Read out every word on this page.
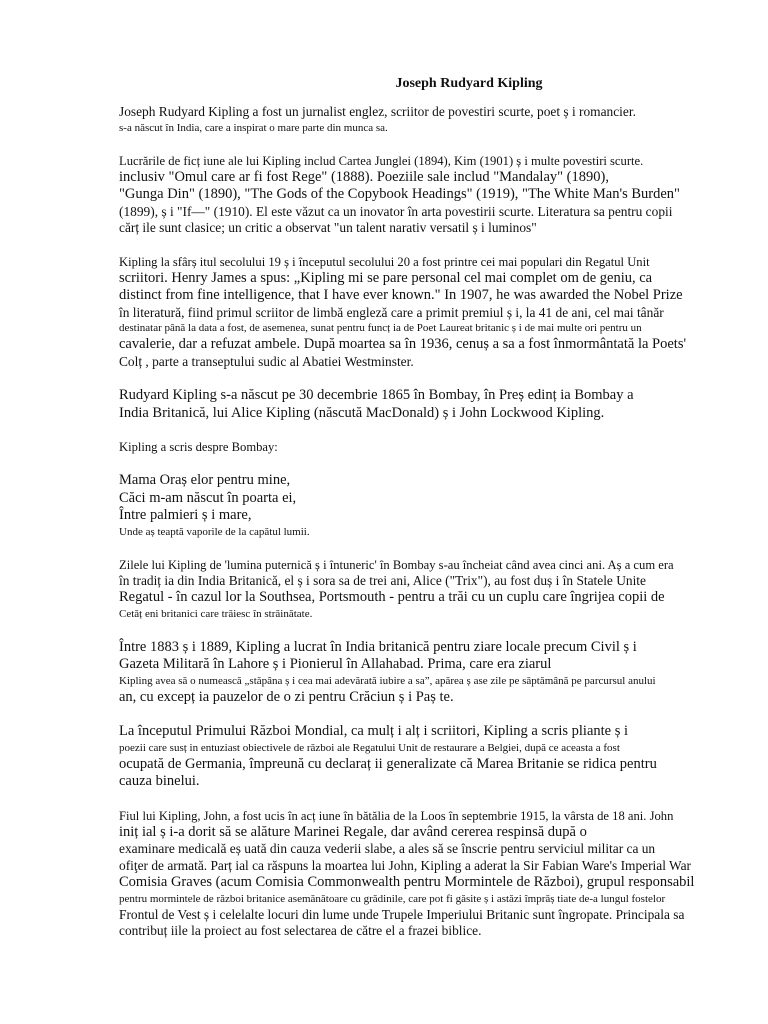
Joseph Rudyard Kipling

Joseph Rudyard Kipling a fost un jurnalist englez, scriitor de povestiri scurte, poet ș i romancier.

s-a născut în India, care a inspirat o mare parte din munca sa.

Lucrările de ficț iune ale lui Kipling includ Cartea Junglei (1894), Kim (1901) ș i multe povestiri scurte.

inclusiv "Omul care ar fi fost Rege" (1888). Poeziile sale includ "Mandalay" (1890),

"Gunga Din" (1890), "The Gods of the Copybook Headings" (1919), "The White Man's Burden"

(1899), ș i "If—" (1910). El este văzut ca un inovator în arta povestirii scurte. Literatura sa pentru copii

cărț ile sunt clasice; un critic a observat "un talent narativ versatil ș i luminos"

Kipling la sfârș itul secolului 19 ș i începutul secolului 20 a fost printre cei mai populari din Regatul Unit

scriitori. Henry James a spus: „Kipling mi se pare personal cel mai complet om de geniu, ca

distinct from fine intelligence, that I have ever known." In 1907, he was awarded the Nobel Prize

în literatură, fiind primul scriitor de limbă engleză care a primit premiul ș i, la 41 de ani, cel mai tânăr

destinatar până la data a fost, de asemenea, sunat pentru funcț ia de Poet Laureat britanic ș i de mai multe ori pentru un

cavalerie, dar a refuzat ambele. După moartea sa în 1936, cenuș a sa a fost înmormântată la Poets'

Colț , parte a transeptului sudic al Abatiei Westminster.

Rudyard Kipling s-a născut pe 30 decembrie 1865 în Bombay, în Preș edinț ia Bombay a

India Britanică, lui Alice Kipling (născută MacDonald) ș i John Lockwood Kipling.

Kipling a scris despre Bombay:

Mama Oraș elor pentru mine,

Căci m-am născut în poarta ei,

Între palmieri ș i mare,

Unde aș teaptă vaporile de la capătul lumii.

Zilele lui Kipling de 'lumina puternică ș i întuneric' în Bombay s-au încheiat când avea cinci ani. Aș a cum era

în tradiț ia din India Britanică, el ș i sora sa de trei ani, Alice ("Trix"), au fost duș i în Statele Unite

Regatul - în cazul lor la Southsea, Portsmouth - pentru a trăi cu un cuplu care îngrijea copii de

Cetăț eni britanici care trăiesc în străinătate.

Între 1883 ș i 1889, Kipling a lucrat în India britanică pentru ziare locale precum Civil ș i

Gazeta Militară în Lahore ș i Pionierul în Allahabad. Prima, care era ziarul

Kipling avea să o numească „stăpâna ș i cea mai adevărată iubire a sa”, apărea ș ase zile pe săptămână pe parcursul anului

an, cu excepț ia pauzelor de o zi pentru Crăciun ș i Paș te.

La începutul Primului Război Mondial, ca mulț i alț i scriitori, Kipling a scris pliante ș i

poezii care susț in entuziast obiectivele de război ale Regatului Unit de restaurare a Belgiei, după ce aceasta a fost

ocupată de Germania, împreună cu declaraț ii generalizate că Marea Britanie se ridica pentru

cauza binelui.

Fiul lui Kipling, John, a fost ucis în acț iune în bătălia de la Loos în septembrie 1915, la vârsta de 18 ani. John

iniț ial ș i-a dorit să se alăture Marinei Regale, dar având cererea respinsă după o

examinare medicală eș uată din cauza vederii slabe, a ales să se înscrie pentru serviciul militar ca un

ofiţer de armată. Parț ial ca răspuns la moartea lui John, Kipling a aderat la Sir Fabian Ware's Imperial War

Comisia Graves (acum Comisia Commonwealth pentru Mormintele de Război), grupul responsabil

pentru mormintele de război britanice asemănătoare cu grădinile, care pot fi găsite ș i astăzi împrăș tiate de-a lungul fostelor

Frontul de Vest ș i celelalte locuri din lume unde Trupele Imperiului Britanic sunt îngropate. Principala sa

contribuț iile la proiect au fost selectarea de către el a frazei biblice.
